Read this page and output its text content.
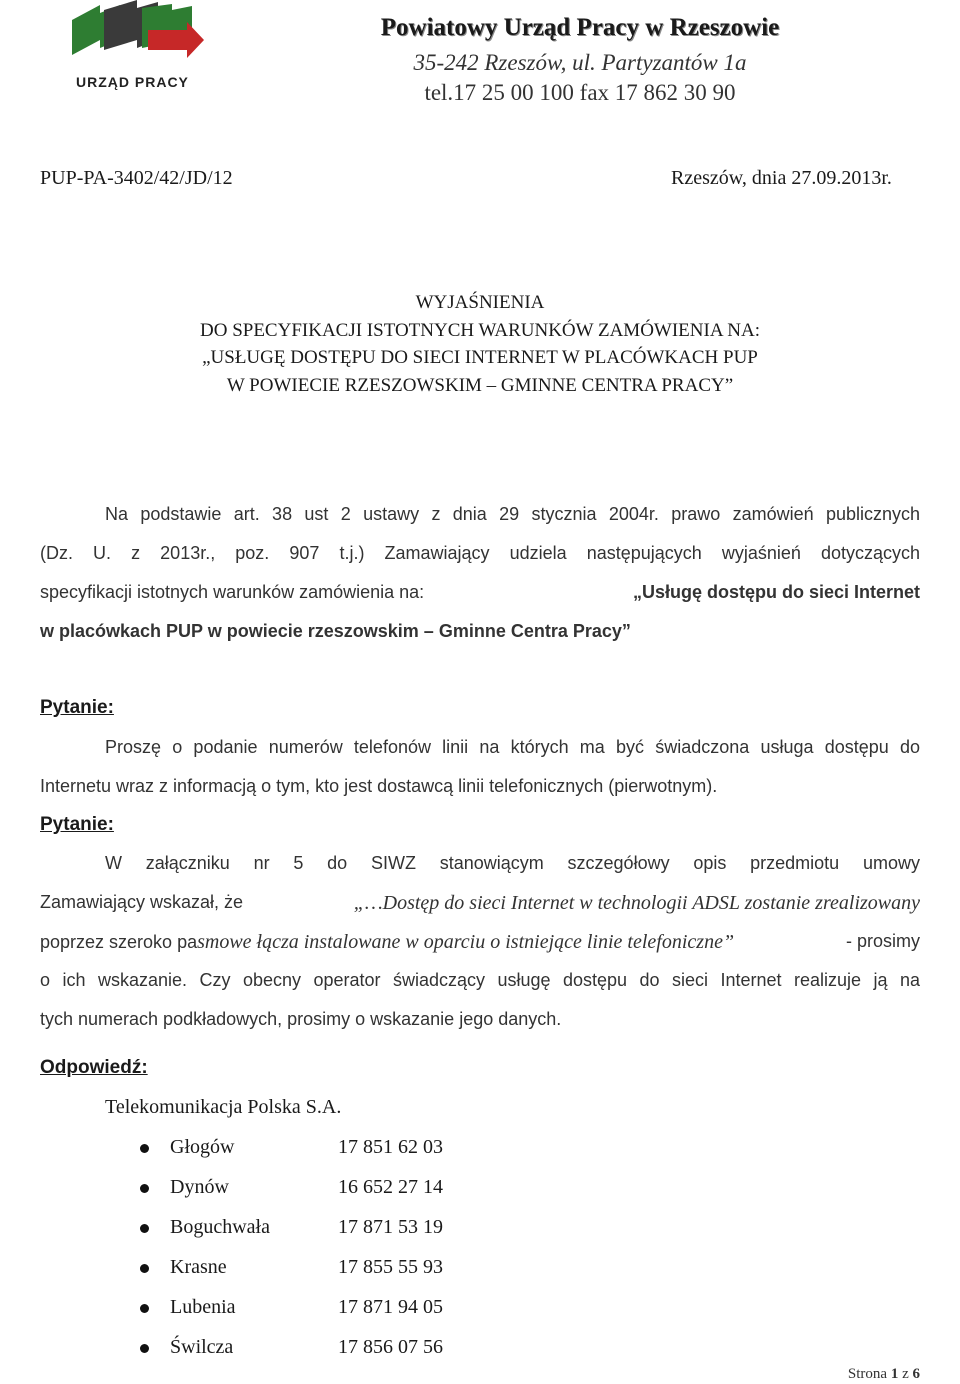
URZĄD PRACY
Powiatowy Urząd Pracy w Rzeszowie
35-242 Rzeszów, ul. Partyzantów 1a
tel.17 25 00 100 fax 17 862 30 90
PUP-PA-3402/42/JD/12	Rzeszów, dnia 27.09.2013r.
WYJAŚNIENIA
DO SPECYFIKACJI ISTOTNYCH WARUNKÓW ZAMÓWIENIA NA:
„USŁUGĘ DOSTĘPU DO SIECI INTERNET W PLACÓWKACH PUP
W POWIECIE RZESZOWSKIM – GMINNE CENTRA PRACY”
Na podstawie art. 38 ust 2 ustawy z dnia 29 stycznia 2004r. prawo zamówień publicznych
(Dz. U. z 2013r., poz. 907 t.j.) Zamawiający udziela następujących wyjaśnień dotyczących
specyfikacji istotnych warunków zamówienia na:	„Usługę dostępu do sieci Internet
w placówkach PUP w powiecie rzeszowskim – Gminne Centra Pracy”
Pytanie:
Proszę o podanie numerów telefonów linii na których ma być świadczona usługa dostępu do
Internetu wraz z informacją o tym, kto jest dostawcą linii telefonicznych (pierwotnym).
Pytanie:
W załączniku nr 5 do SIWZ stanowiącym szczegółowy opis przedmiotu umowy
Zamawiający wskazał, że	„…Dostęp do sieci Internet w technologii ADSL zostanie zrealizowany
poprzez szeroko pasmowe łącza instalowane w oparciu o istniejące linie telefoniczne”	- prosimy
o ich wskazanie. Czy obecny operator świadczący usługę dostępu do sieci Internet realizuje ją na
tych numerach podkładowych, prosimy o wskazanie jego danych.
Odpowiedź:
Telekomunikacja Polska S.A.
Głogów	17 851 62 03
Dynów	16 652 27 14
Boguchwała	17 871 53 19
Krasne	17 855 55 93
Lubenia	17 871 94 05
Świlcza	17 856 07 56
Strona 1 z 6
